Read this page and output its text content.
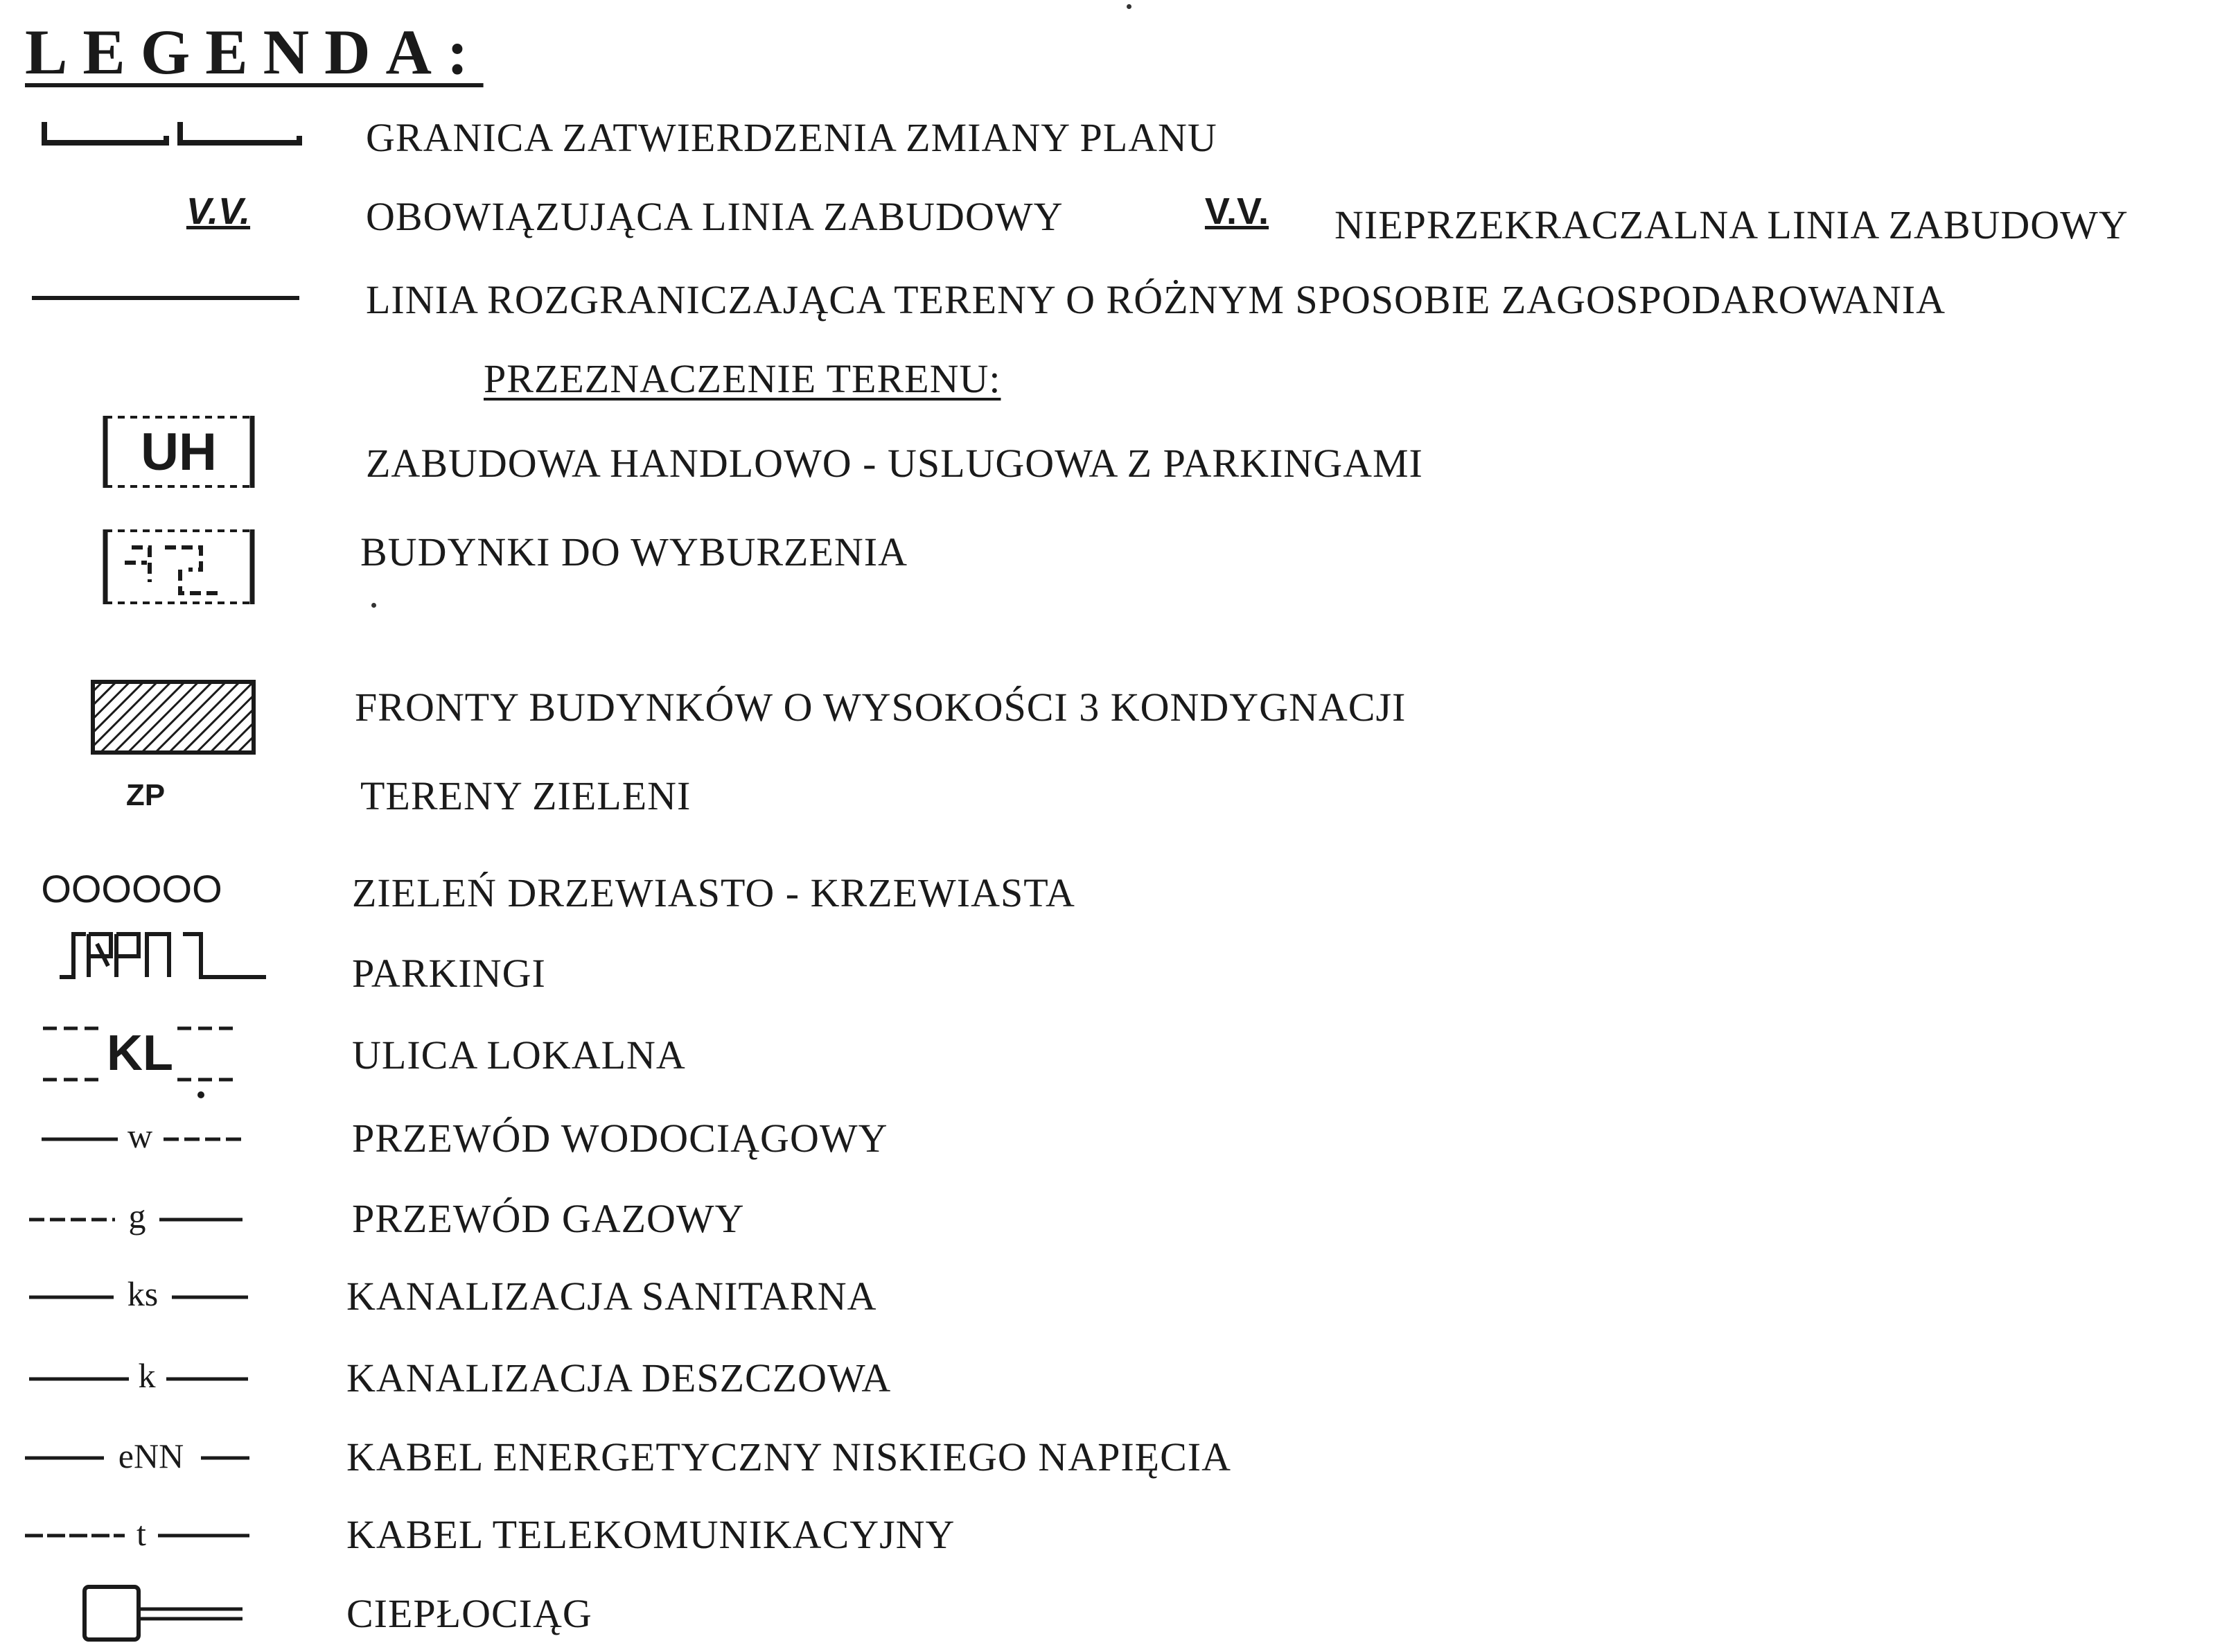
LEGENDA:
GRANICA ZATWIERDZENIA ZMIANY PLANU
V.V.	OBOWIĄZUJĄCA LINIA ZABUDOWY	V.V.	NIEPRZEKRACZALNA LINIA ZABUDOWY
LINIA ROZGRANICZAJĄCA TERENY O RÓŻNYM SPOSOBIE ZAGOSPODAROWANIA
PRZEZNACZENIE TERENU:
UH	ZABUDOWA HANDLOWO - USLUGOWA Z PARKINGAMI
BUDYNKI DO WYBURZENIA
FRONTY BUDYNKÓW O WYSOKOŚCI 3 KONDYGNACJI
ZP	TERENY ZIELENI
OOOOOO	ZIELEŃ DRZEWIASTO - KRZEWIASTA
PARKINGI
KL	ULICA LOKALNA
w	PRZEWÓD WODOCIĄGOWY
g	PRZEWÓD GAZOWY
ks	KANALIZACJA SANITARNA
k	KANALIZACJA DESZCZOWA
eNN	KABEL ENERGETYCZNY NISKIEGO NAPIĘCIA
t	KABEL TELEKOMUNIKACYJNY
CIEPŁOCIĄG
